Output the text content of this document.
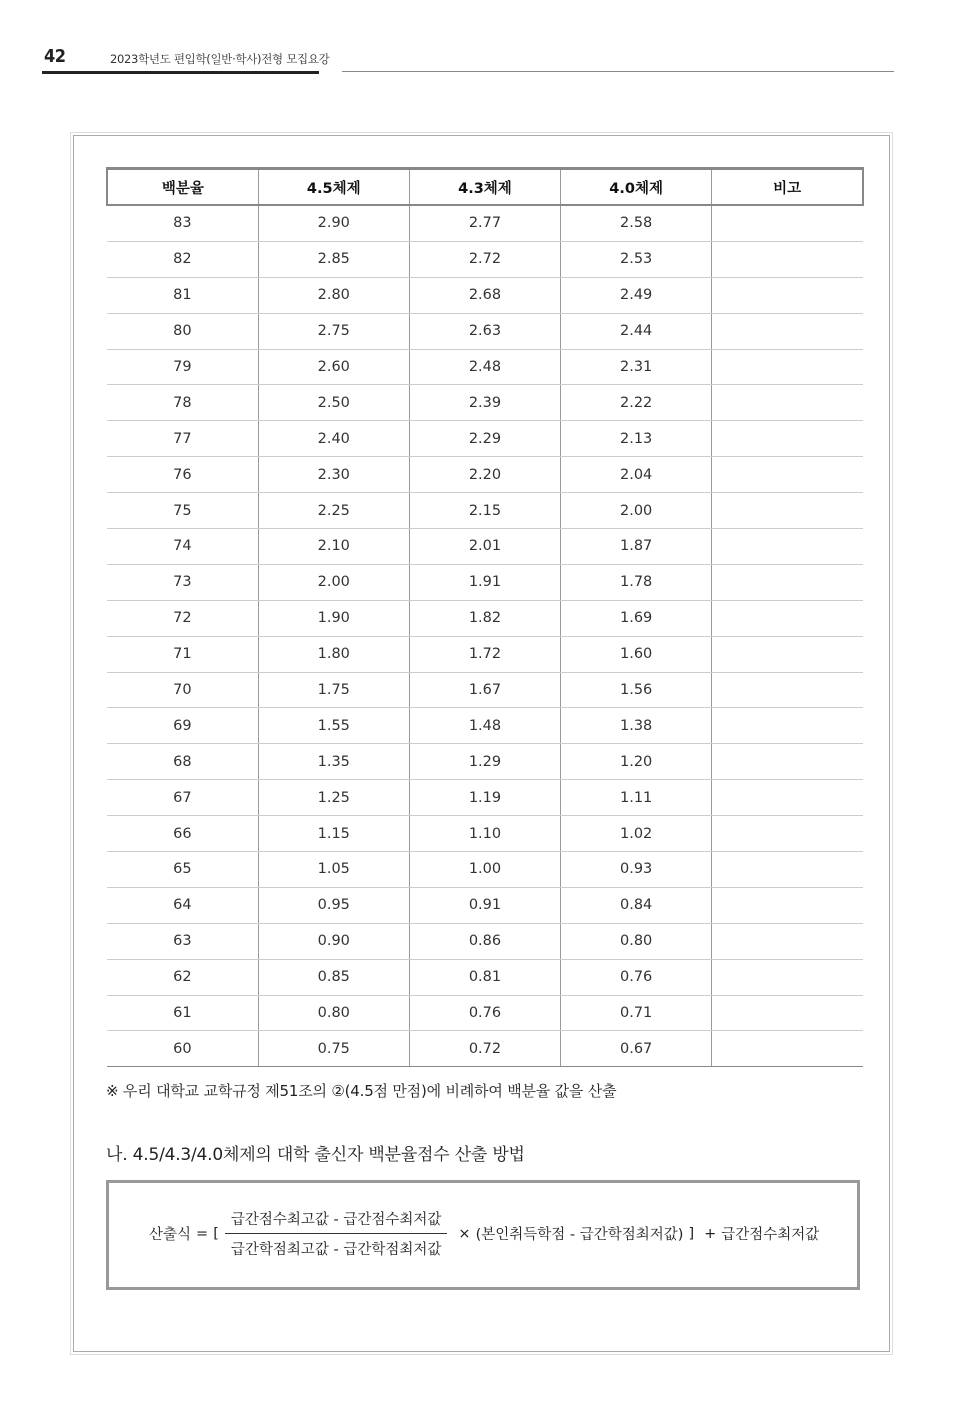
42	2023학년도 편입학(일반·학사)전형 모집요강
백분율	4.5체제	4.3체제	4.0체제	비고
83	2.90	2.77	2.58	
82	2.85	2.72	2.53	
81	2.80	2.68	2.49	
80	2.75	2.63	2.44	
79	2.60	2.48	2.31	
78	2.50	2.39	2.22	
77	2.40	2.29	2.13	
76	2.30	2.20	2.04	
75	2.25	2.15	2.00	
74	2.10	2.01	1.87	
73	2.00	1.91	1.78	
72	1.90	1.82	1.69	
71	1.80	1.72	1.60	
70	1.75	1.67	1.56	
69	1.55	1.48	1.38	
68	1.35	1.29	1.20	
67	1.25	1.19	1.11	
66	1.15	1.10	1.02	
65	1.05	1.00	0.93	
64	0.95	0.91	0.84	
63	0.90	0.86	0.80	
62	0.85	0.81	0.76	
61	0.80	0.76	0.71	
60	0.75	0.72	0.67	
※ 우리 대학교 교학규정 제51조의 ②(4.5점 만점)에 비례하여 백분율 값을 산출
나. 4.5/4.3/4.0체제의 대학 출신자 백분율점수 산출 방법
산출식 = [ $\frac{\text{급간점수최고값 - 급간점수최저값}}{\text{급간학점최고값 - 급간학점최저값}}$ × (본인취득학점 - 급간학점최저값) ] + 급간점수최저값
